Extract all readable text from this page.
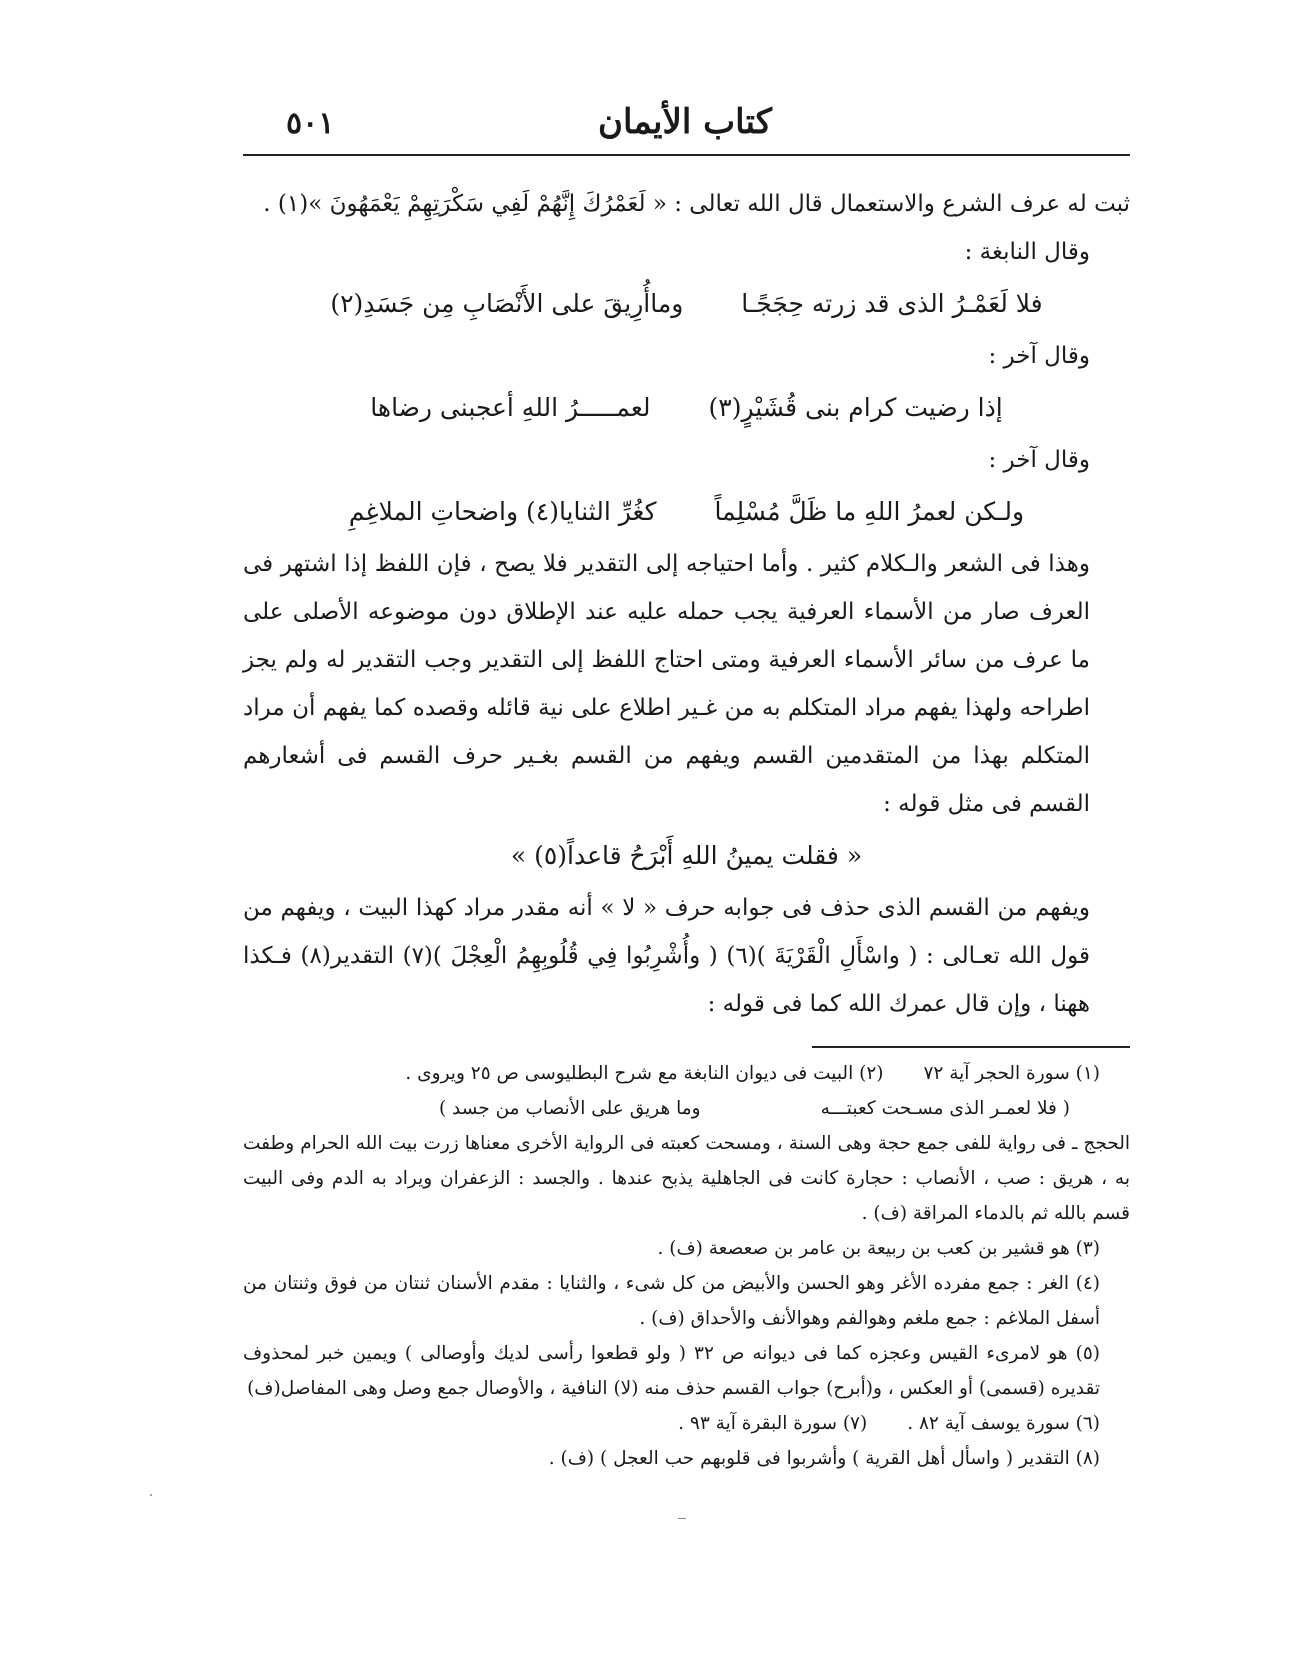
كتاب الأيمان
٥٠١

ثبت له عرف الشرع والاستعمال قال الله تعالى : « لَعَمْرُكَ إِنَّهُمْ لَفِي سَكْرَتِهِمْ يَعْمَهُونَ »(١) .

وقال النابغة :

فلا لَعَمْـرُ الذى قد زرته حِجَجًـا وماأُرِيقَ على الأَنْصَابِ مِن جَسَدِ(٢)

وقال آخر :

إذا رضيت كرام بنى قُشَيْرٍ(٣) لعمـــــرُ اللهِ أعجبنى رضاها

وقال آخر :

ولـكن لعمرُ اللهِ ما ظَلَّ مُسْلِماً كغُرِّ الثنايا(٤) واضحاتِ الملاغِمِ

وهذا فى الشعر والـكلام كثير . وأما احتياجه إلى التقدير فلا يصح ، فإن اللفظ إذا اشتهر فى العرف صار من الأسماء العرفية يجب حمله عليه عند الإطلاق دون موضوعه الأصلى على ما عرف من سائر الأسماء العرفية ومتى احتاج اللفظ إلى التقدير وجب التقدير له ولم يجز اطراحه ولهذا يفهم مراد المتكلم به من غـير اطلاع على نية قائله وقصده كما يفهم أن مراد المتكلم بهذا من المتقدمين القسم ويفهم من القسم بغـير حرف القسم فى أشعارهم القسم فى مثل قوله :

« فقلت يمينُ اللهِ أَبْرَحُ قاعداً(٥) »

ويفهم من القسم الذى حذف فى جوابه حرف « لا » أنه مقدر مراد كهذا البيت ، ويفهم من قول الله تعـالى : ( واسْأَلِ الْقَرْيَةَ )(٦) ( وأُشْرِبُوا فِي قُلُوبِهِمُ الْعِجْلَ )(٧) التقدير(٨) فـكذا ههنا ، وإن قال عمرك الله كما فى قوله :

(١) سورة الحجر آية ٧٢(٢) البيت فى ديوان النابغة مع شرح البطليوسى ص ٢٥ ويروى .

( فلا لعمـر الذى مسـحت كعبتـــهوما هريق على الأنصاب من جسد )

الحجج ـ فى رواية للفى جمع حجة وهى السنة ، ومسحت كعبته فى الرواية الأخرى معناها زرت بيت الله الحرام وطفت به ، هريق : صب ، الأنصاب : حجارة كانت فى الجاهلية يذبح عندها . والجسد : الزعفران ويراد به الدم وفى البيت قسم بالله ثم بالدماء المراقة (ف) .

(٣) هو قشير بن كعب بن ربيعة بن عامر بن صعصعة (ف) .

(٤) الغر : جمع مفرده الأغر وهو الحسن والأبيض من كل شىء ، والثنايا : مقدم الأسنان ثنتان من فوق وثنتان من أسفل الملاغم : جمع ملغم وهوالفم وهوالأنف والأحداق (ف) .

(٥) هو لامرىء القيس وعجزه كما فى ديوانه ص ٣٢ ( ولو قطعوا رأسى لديك وأوصالى ) ويمين خبر لمحذوف تقديره (قسمى) أو العكس ، و(أبرح) جواب القسم حذف منه (لا) النافية ، والأوصال جمع وصل وهى المفاصل(ف)

(٦) سورة يوسف آية ٨٢ .(٧) سورة البقرة آية ٩٣ .

(٨) التقدير ( واسأل أهل القرية ) وأشربوا فى قلوبهم حب العجل ) (ف) .
